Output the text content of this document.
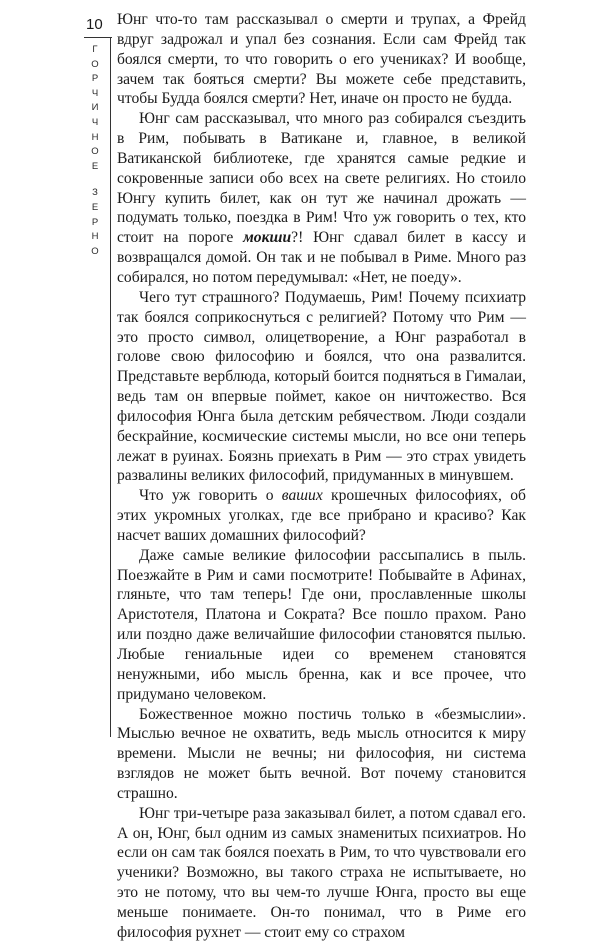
10
Г
О
Р
Ч
И
Ч
Н
О
Е
З
Е
Р
Н
О

Юнг что-то там рассказывал о смерти и трупах, а Фрейд вдруг задрожал и упал без сознания. Если сам Фрейд так боялся смерти, то что говорить о его учениках? И вообще, зачем так бояться смерти? Вы можете себе представить, чтобы Будда боялся смерти? Нет, иначе он просто не будда.

Юнг сам рассказывал, что много раз собирался съездить в Рим, побывать в Ватикане и, главное, в великой Ватиканской библиотеке, где хранятся самые редкие и сокровенные записи обо всех на свете религиях. Но стоило Юнгу купить билет, как он тут же начинал дрожать — подумать только, поездка в Рим! Что уж говорить о тех, кто стоит на пороге мокши?! Юнг сдавал билет в кассу и возвращался домой. Он так и не побывал в Риме. Много раз собирался, но потом передумывал: «Нет, не поеду».

Чего тут страшного? Подумаешь, Рим! Почему психиатр так боялся соприкоснуться с религией? Потому что Рим — это просто символ, олицетворение, а Юнг разработал в голове свою философию и боялся, что она развалится. Представьте верблюда, который боится подняться в Гималаи, ведь там он впервые поймет, какое он ничтожество. Вся философия Юнга была детским ребячеством. Люди создали бескрайние, космические системы мысли, но все они теперь лежат в руинах. Боязнь приехать в Рим — это страх увидеть развалины великих философий, придуманных в минувшем.

Что уж говорить о ваших крошечных философиях, об этих укромных уголках, где все прибрано и красиво? Как насчет ваших домашних философий?

Даже самые великие философии рассыпались в пыль. Поезжайте в Рим и сами посмотрите! Побывайте в Афинах, гляньте, что там теперь! Где они, прославленные школы Аристотеля, Платона и Сократа? Все пошло прахом. Рано или поздно даже величайшие философии становятся пылью. Любые гениальные идеи со временем становятся ненужными, ибо мысль бренна, как и все прочее, что придумано человеком.

Божественное можно постичь только в «безмыслии». Мыслью вечное не охватить, ведь мысль относится к миру времени. Мысли не вечны; ни философия, ни система взглядов не может быть вечной. Вот почему становится страшно.

Юнг три-четыре раза заказывал билет, а потом сдавал его. А он, Юнг, был одним из самых знаменитых психиатров. Но если он сам так боялся поехать в Рим, то что чувствовали его ученики? Возможно, вы такого страха не испытываете, но это не потому, что вы чем-то лучше Юнга, просто вы еще меньше понимаете. Он-то понимал, что в Риме его философия рухнет — стоит ему со страхом
